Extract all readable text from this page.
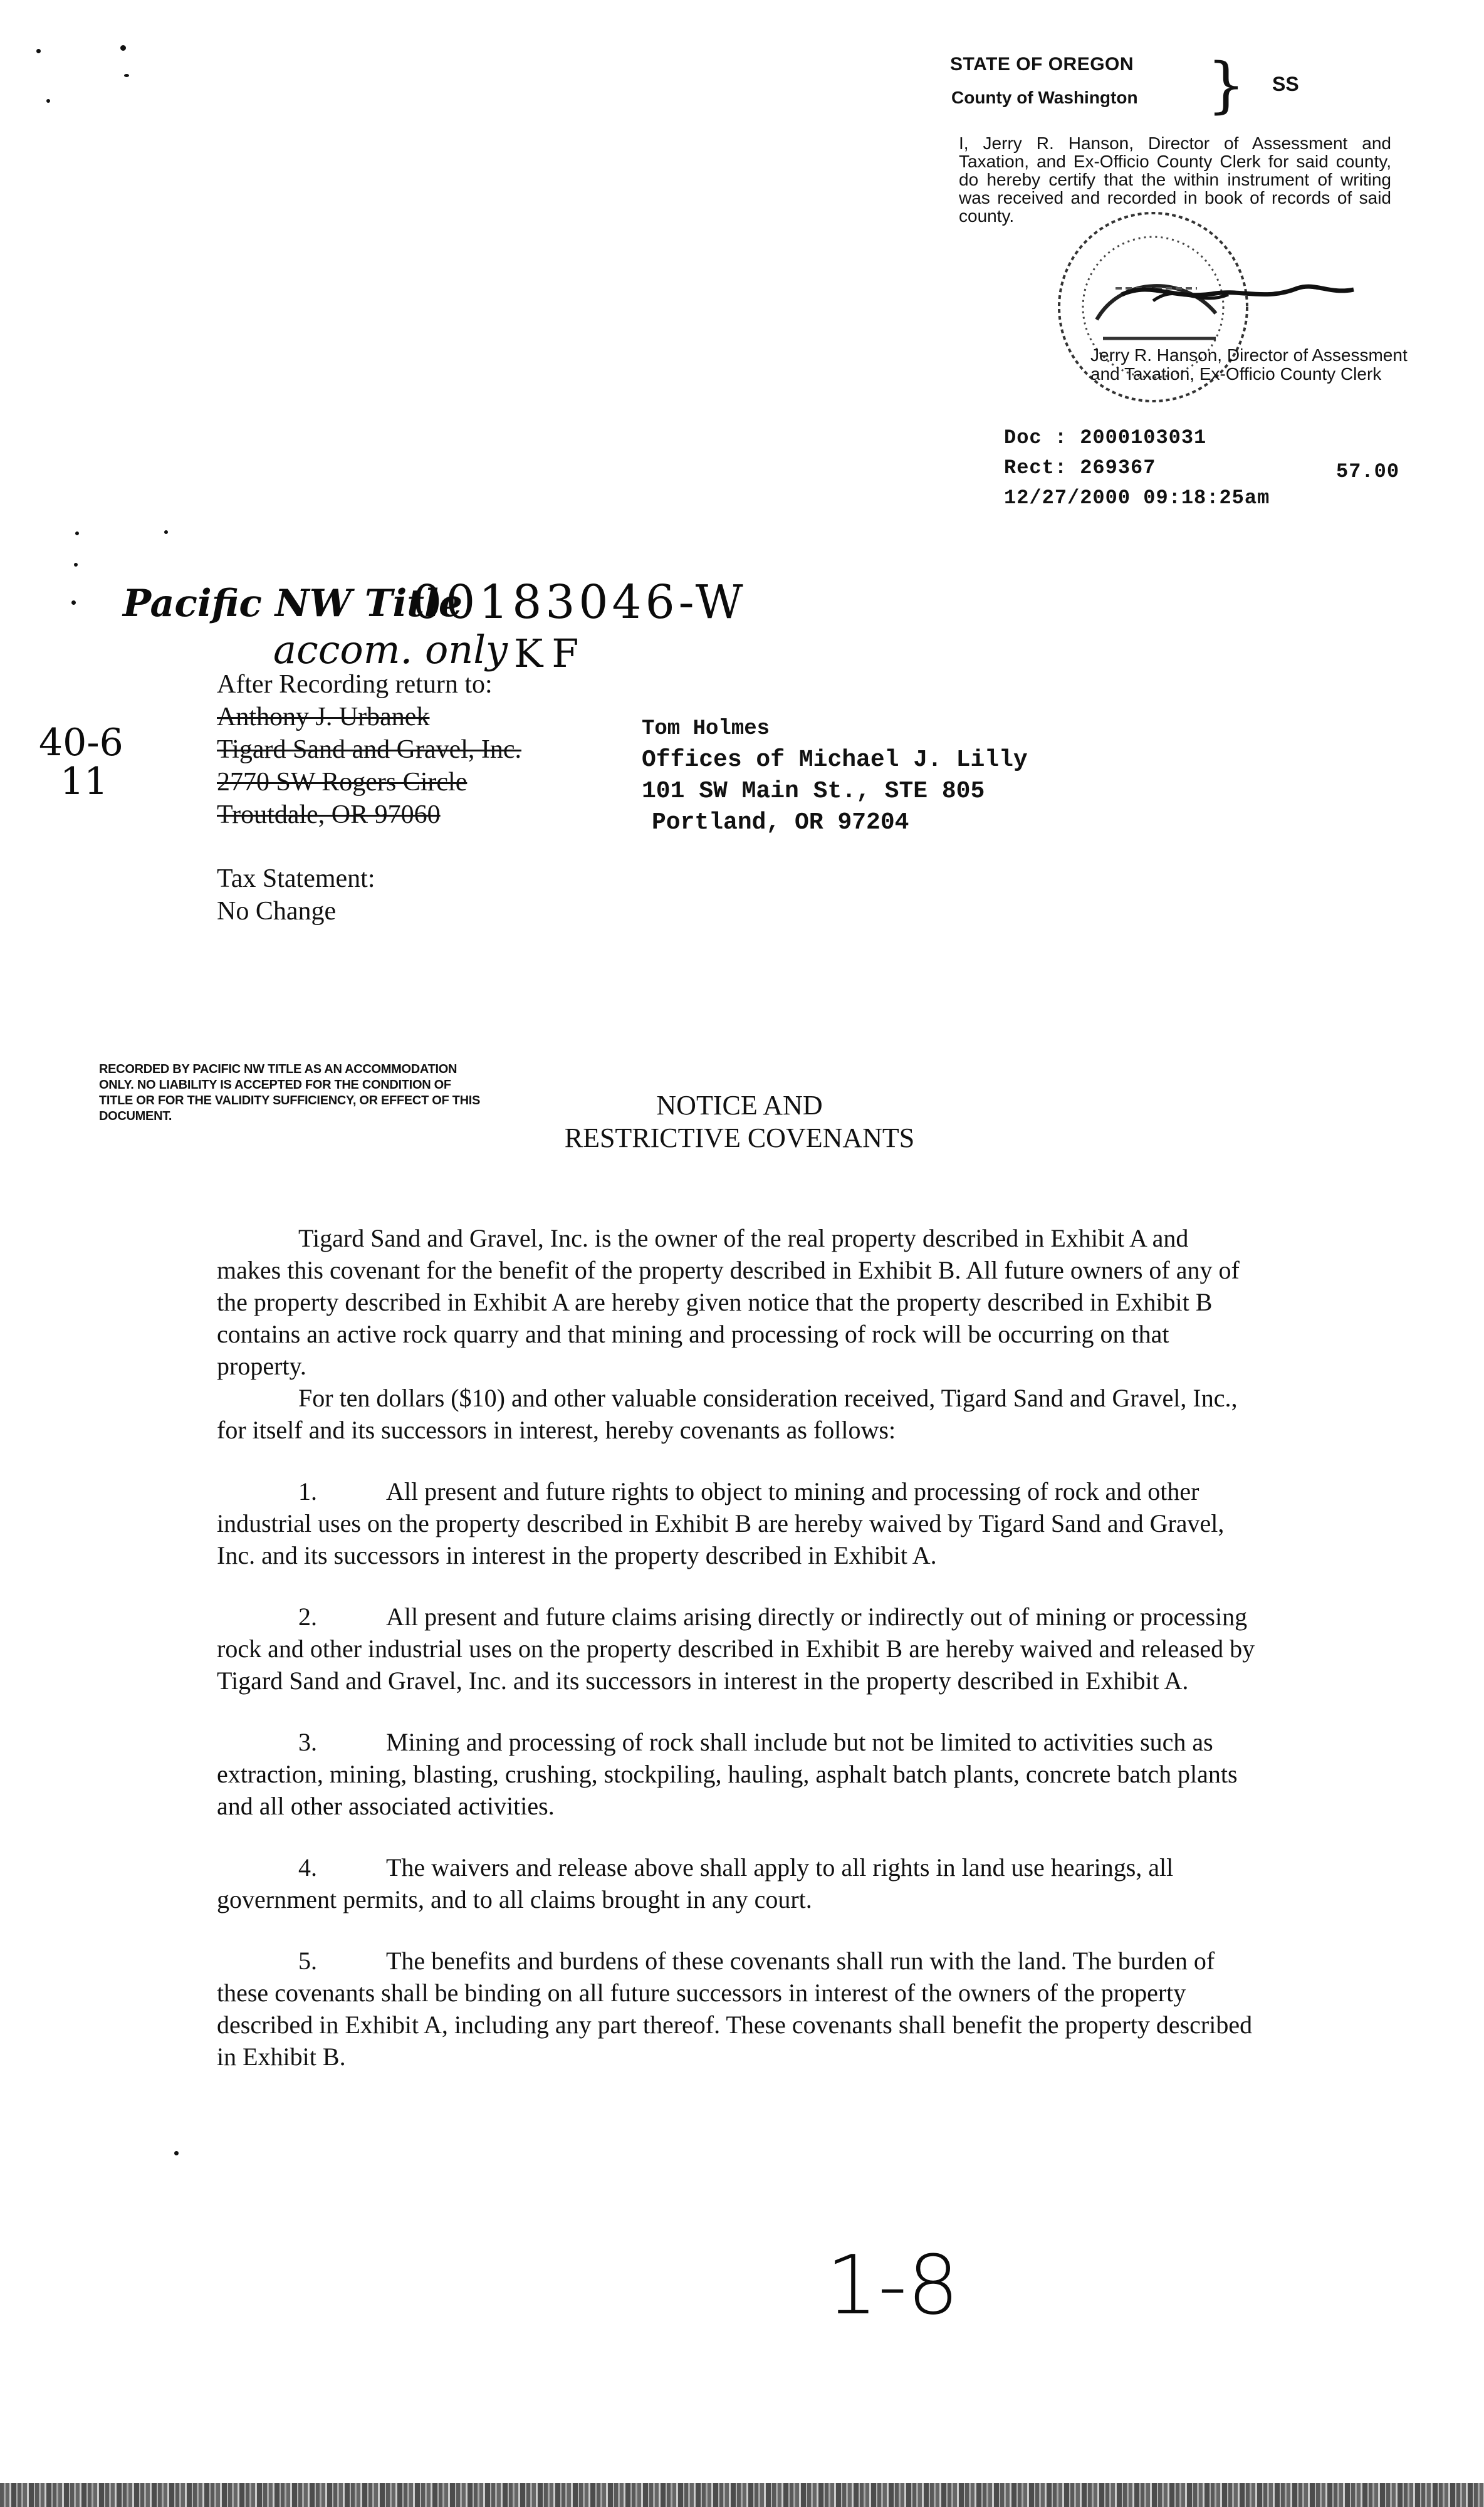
STATE OF OREGON
County of Washington } SS
I, Jerry R. Hanson, Director of Assessment and Taxation, and Ex-Officio County Clerk for said county, do hereby certify that the within instrument of writing was received and recorded in book of records of said county.
Jerry R. Hanson, Director of Assessment and Taxation, Ex-Officio County Clerk
Doc : 2000103031
Rect: 269367	57.00
12/27/2000 09:18:25am
Pacific NW Title
00183046-W
accom. only KF
40-6
11
After Recording return to:
Anthony J. Urbanek
Tigard Sand and Gravel, Inc.
2770 SW Rogers Circle
Troutdale, OR 97060
Tom Holmes
Offices of Michael J. Lilly
101 SW Main St., STE 805
Portland, OR 97204
Tax Statement:
No Change
RECORDED BY PACIFIC NW TITLE AS AN ACCOMMODATION ONLY. NO LIABILITY IS ACCEPTED FOR THE CONDITION OF TITLE OR FOR THE VALIDITY SUFFICIENCY, OR EFFECT OF THIS DOCUMENT.	NOTICE AND
RESTRICTIVE COVENANTS

Tigard Sand and Gravel, Inc. is the owner of the real property described in Exhibit A and makes this covenant for the benefit of the property described in Exhibit B. All future owners of any of the property described in Exhibit A are hereby given notice that the property described in Exhibit B contains an active rock quarry and that mining and processing of rock will be occurring on that property.

For ten dollars ($10) and other valuable consideration received, Tigard Sand and Gravel, Inc., for itself and its successors in interest, hereby covenants as follows:

1.	All present and future rights to object to mining and processing of rock and other industrial uses on the property described in Exhibit B are hereby waived by Tigard Sand and Gravel, Inc. and its successors in interest in the property described in Exhibit A.

2.	All present and future claims arising directly or indirectly out of mining or processing rock and other industrial uses on the property described in Exhibit B are hereby waived and released by Tigard Sand and Gravel, Inc. and its successors in interest in the property described in Exhibit A.

3.	Mining and processing of rock shall include but not be limited to activities such as extraction, mining, blasting, crushing, stockpiling, hauling, asphalt batch plants, concrete batch plants and all other associated activities.

4.	The waivers and release above shall apply to all rights in land use hearings, all government permits, and to all claims brought in any court.

5.	The benefits and burdens of these covenants shall run with the land. The burden of these covenants shall be binding on all future successors in interest of the owners of the property described in Exhibit A, including any part thereof. These covenants shall benefit the property described in Exhibit B.

1-8
